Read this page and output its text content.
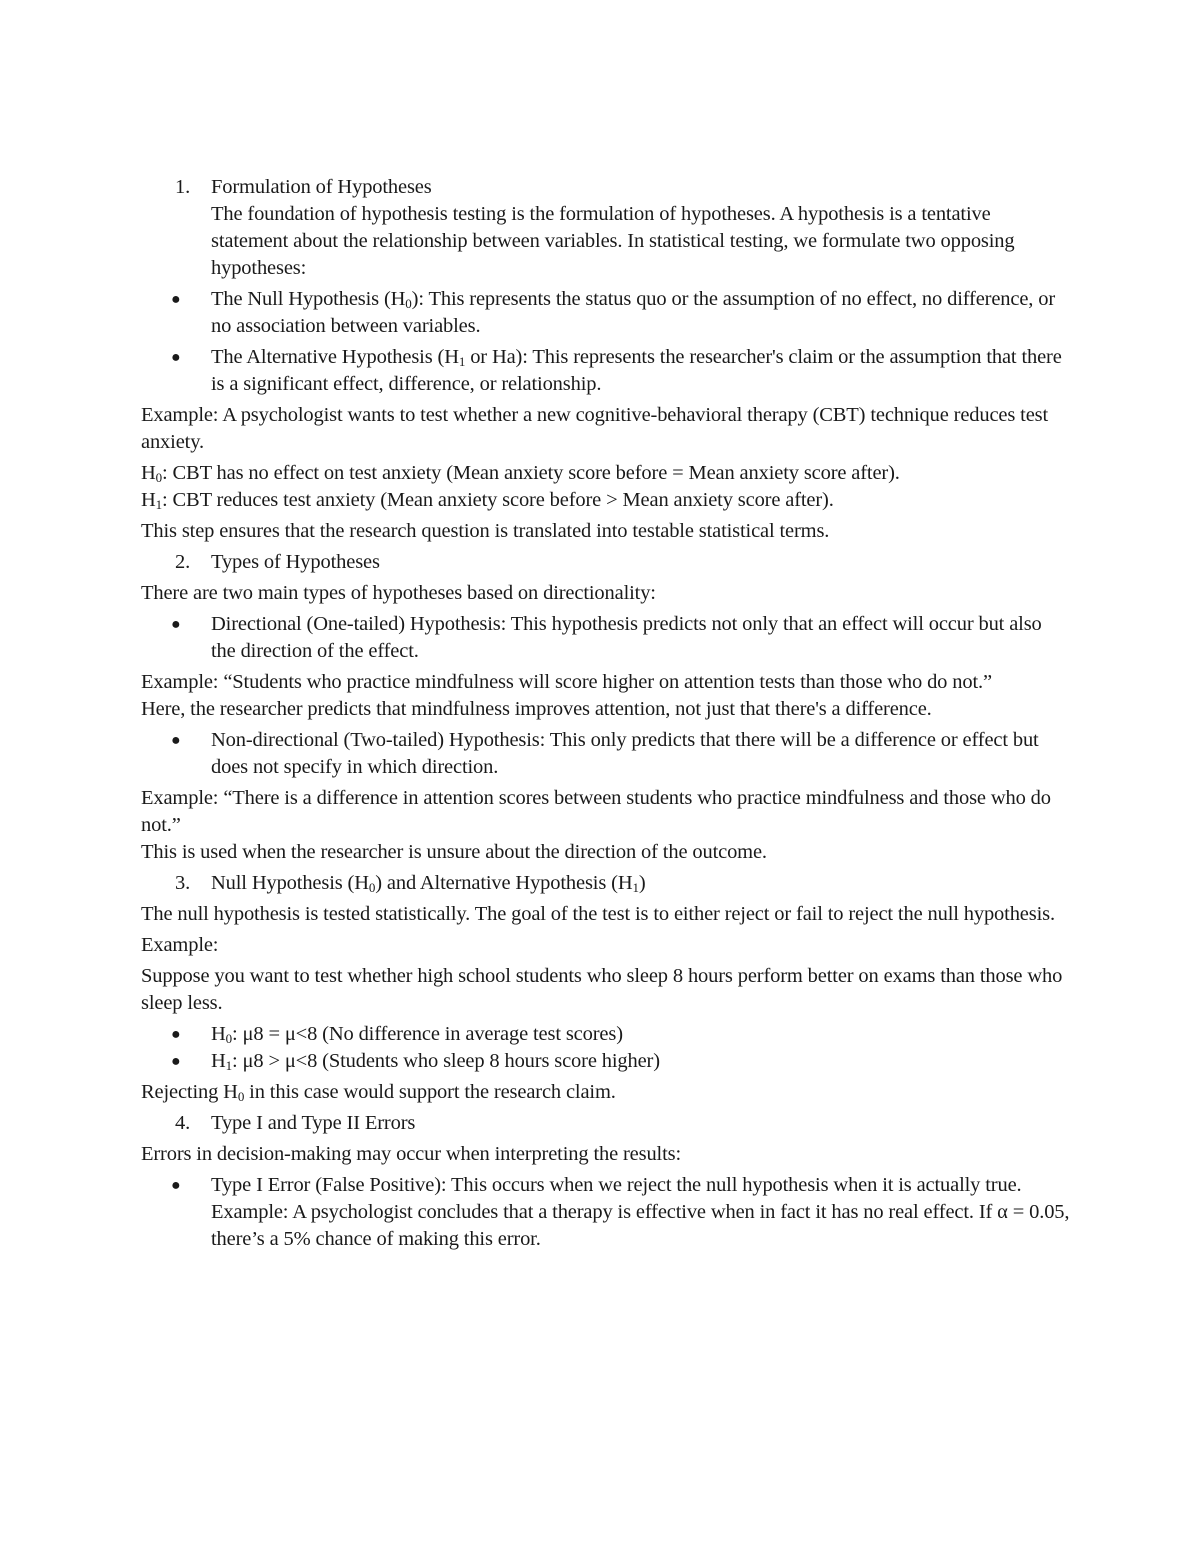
1. Formulation of Hypotheses
The foundation of hypothesis testing is the formulation of hypotheses. A hypothesis is a tentative statement about the relationship between variables. In statistical testing, we formulate two opposing hypotheses:
● The Null Hypothesis $(H_0)$: This represents the status quo or the assumption of no effect, no difference, or no association between variables.
● The Alternative Hypothesis ($H_1$ or Ha): This represents the researcher's claim or the assumption that there is a significant effect, difference, or relationship.

Example: A psychologist wants to test whether a new cognitive-behavioral therapy (CBT) technique reduces test anxiety.

$H_0$: CBT has no effect on test anxiety (Mean anxiety score before = Mean anxiety score after).

$H_1$: CBT reduces test anxiety (Mean anxiety score before > Mean anxiety score after).

This step ensures that the research question is translated into testable statistical terms.

2. Types of Hypotheses

There are two main types of hypotheses based on directionality:

● Directional (One-tailed) Hypothesis: This hypothesis predicts not only that an effect will occur but also the direction of the effect.

Example: “Students who practice mindfulness will score higher on attention tests than those who do not.”

Here, the researcher predicts that mindfulness improves attention, not just that there's a difference.

● Non-directional (Two-tailed) Hypothesis: This only predicts that there will be a difference or effect but does not specify in which direction.

Example: “There is a difference in attention scores between students who practice mindfulness and those who do not.”

This is used when the researcher is unsure about the direction of the outcome.

3. Null Hypothesis $(H_0)$ and Alternative Hypothesis $(H_1)$

The null hypothesis is tested statistically. The goal of the test is to either reject or fail to reject the null hypothesis.

Example:

Suppose you want to test whether high school students who sleep 8 hours perform better on exams than those who sleep less.

● $H_0$: μ8 = μ<8 (No difference in average test scores)
● $H_1$: μ8 > μ<8 (Students who sleep 8 hours score higher)

Rejecting $H_0$ in this case would support the research claim.

4. Type I and Type II Errors

Errors in decision-making may occur when interpreting the results:

● Type I Error (False Positive): This occurs when we reject the null hypothesis when it is actually true.
Example: A psychologist concludes that a therapy is effective when in fact it has no real effect. If α = 0.05, there’s a 5% chance of making this error.
